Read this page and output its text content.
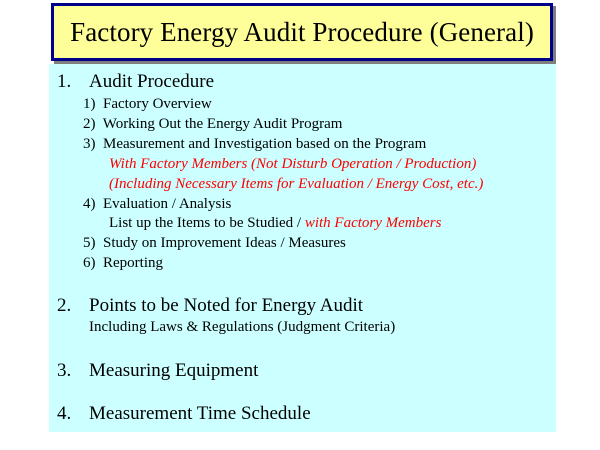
Factory Energy Audit Procedure (General)
1. Audit Procedure
1) Factory Overview
2) Working Out the Energy Audit Program
3) Measurement and Investigation based on the Program
With Factory Members (Not Disturb Operation / Production)
(Including Necessary Items for Evaluation / Energy Cost, etc.)
4) Evaluation / Analysis
List up the Items to be Studied / with Factory Members
5) Study on Improvement Ideas / Measures
6) Reporting
2. Points to be Noted for Energy Audit
Including Laws & Regulations (Judgment Criteria)
3. Measuring Equipment
4. Measurement Time Schedule
